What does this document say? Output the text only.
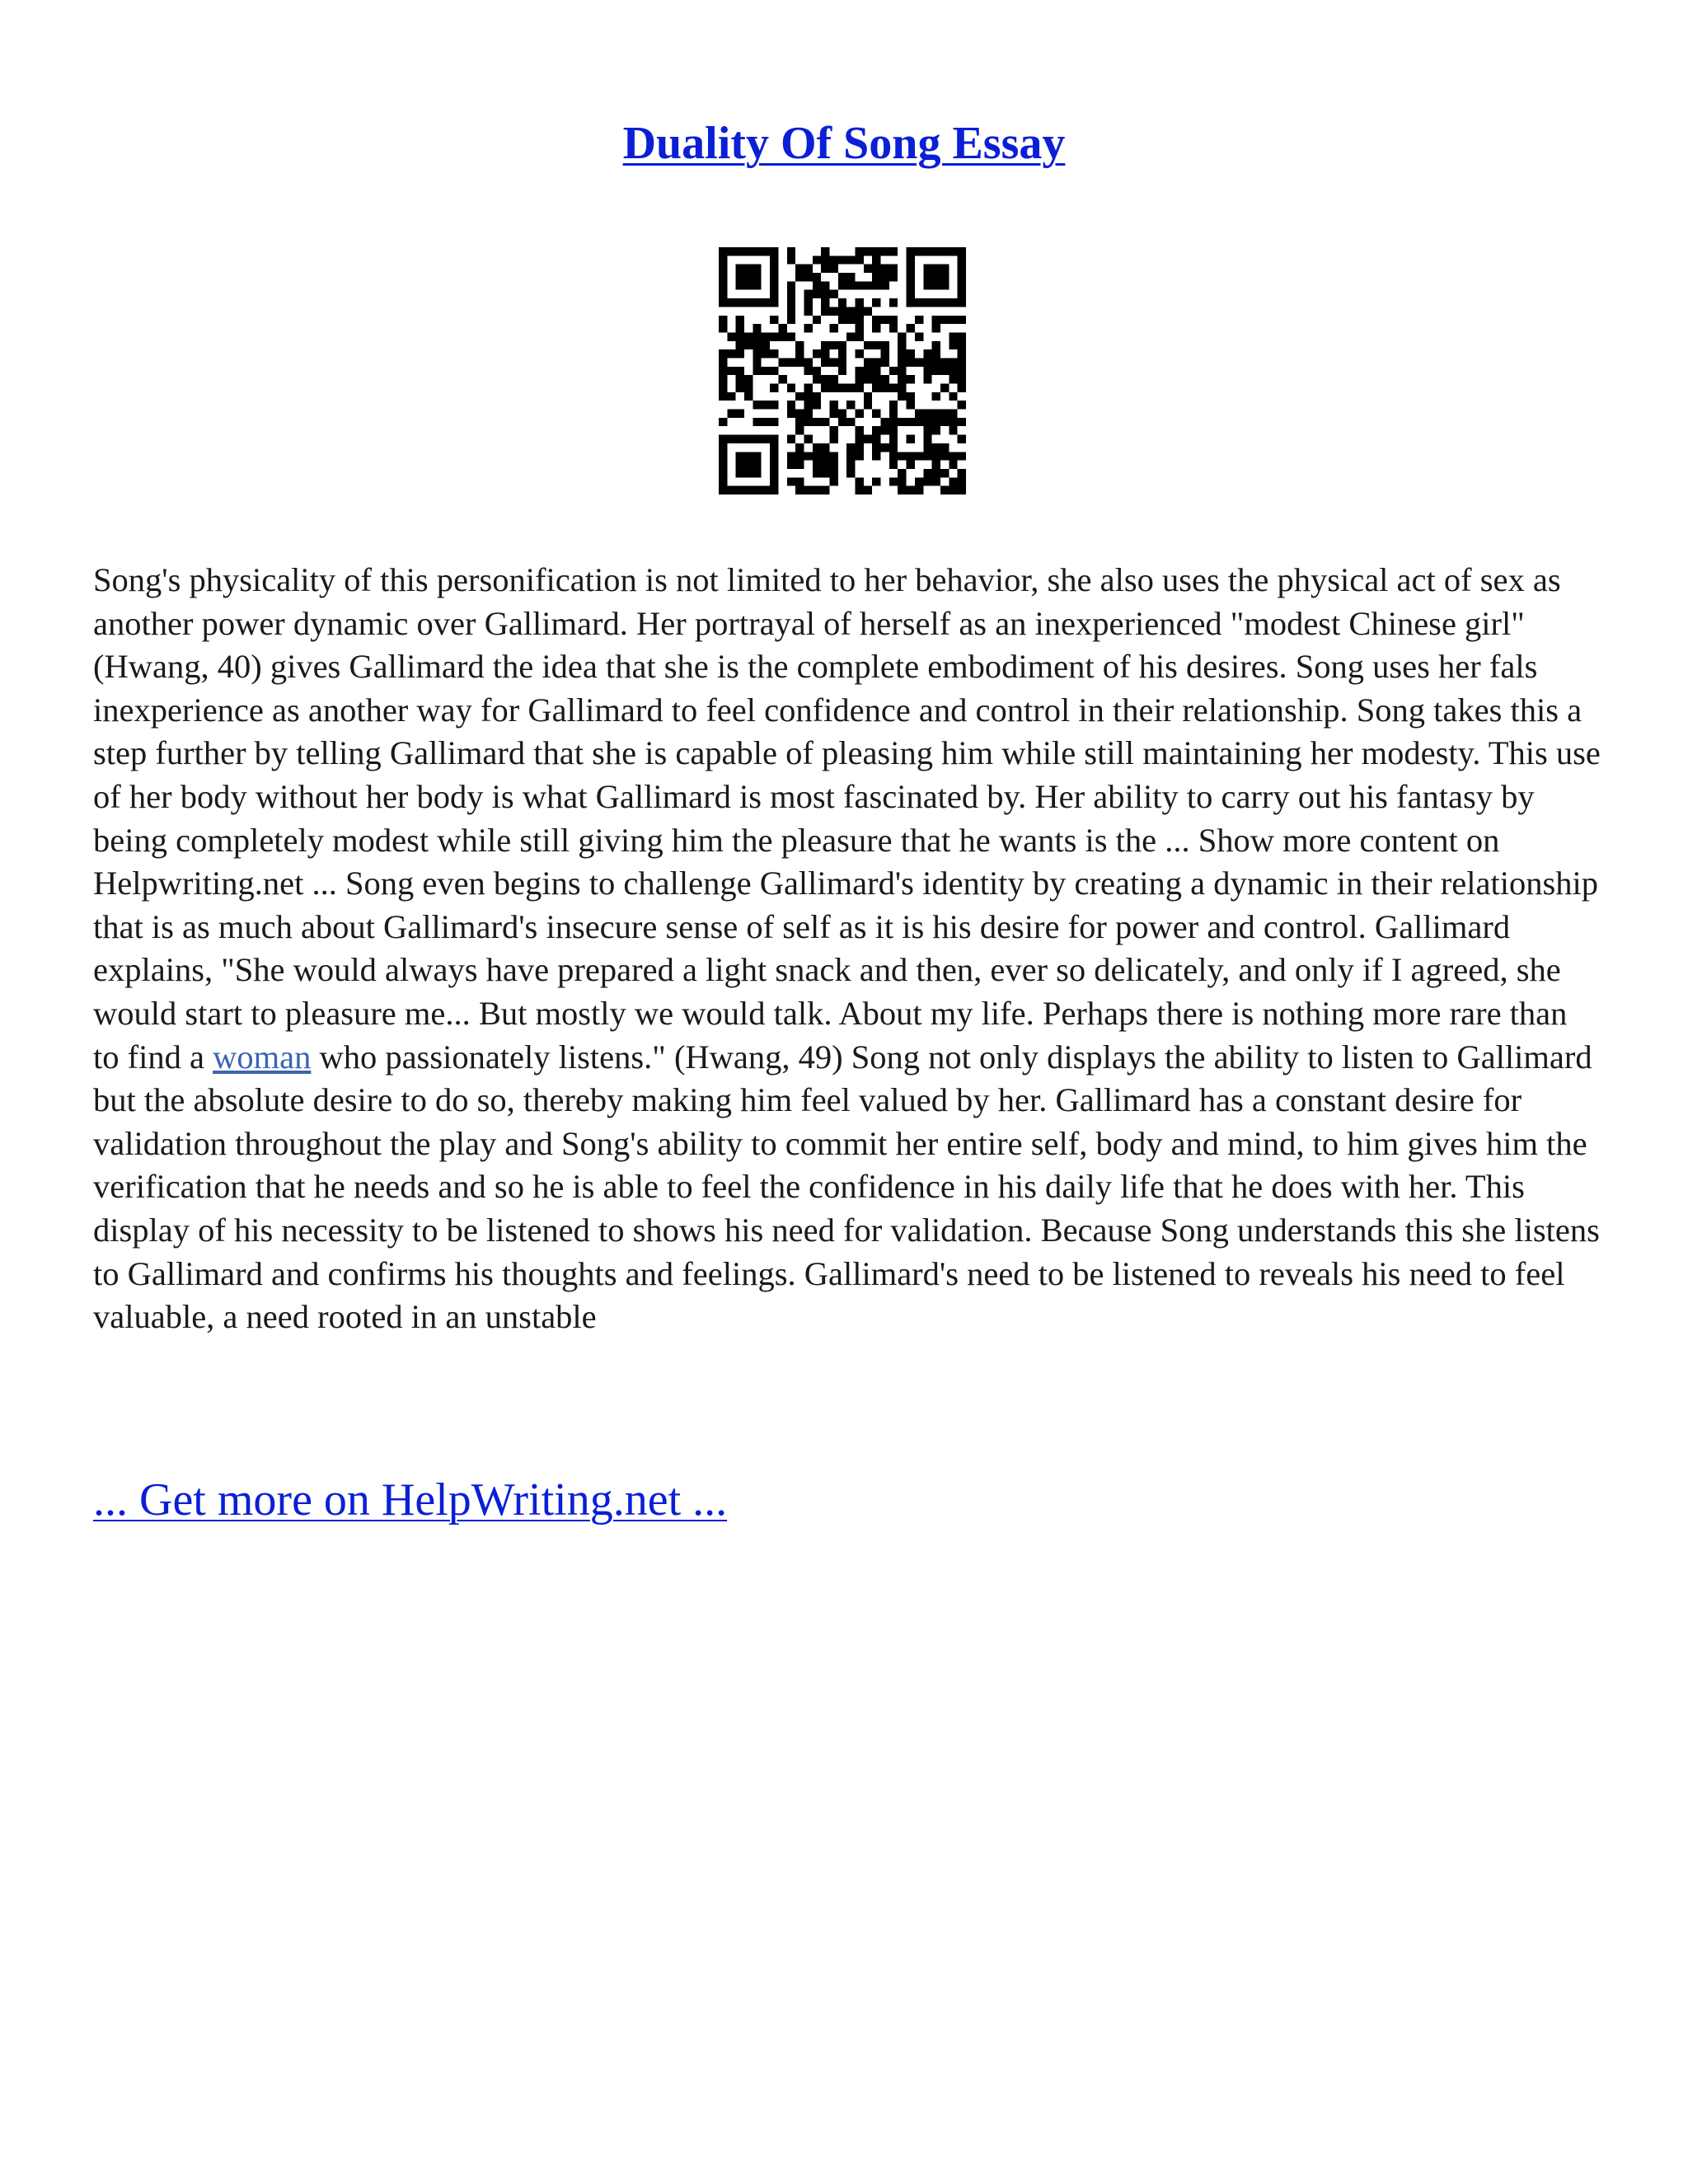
Duality Of Song Essay

Song's physicality of this personification is not limited to her behavior, she also uses the physical act of sex as another power dynamic over Gallimard. Her portrayal of herself as an inexperienced "modest Chinese girl" (Hwang, 40) gives Gallimard the idea that she is the complete embodiment of his desires. Song uses her fals inexperience as another way for Gallimard to feel confidence and control in their relationship. Song takes this a step further by telling Gallimard that she is capable of pleasing him while still maintaining her modesty. This use of her body without her body is what Gallimard is most fascinated by. Her ability to carry out his fantasy by being completely modest while still giving him the pleasure that he wants is the ... Show more content on Helpwriting.net ... Song even begins to challenge Gallimard's identity by creating a dynamic in their relationship that is as much about Gallimard's insecure sense of self as it is his desire for power and control. Gallimard explains, "She would always have prepared a light snack and then, ever so delicately, and only if I agreed, she would start to pleasure me... But mostly we would talk. About my life. Perhaps there is nothing more rare than to find a woman who passionately listens." (Hwang, 49) Song not only displays the ability to listen to Gallimard but the absolute desire to do so, thereby making him feel valued by her. Gallimard has a constant desire for validation throughout the play and Song's ability to commit her entire self, body and mind, to him gives him the verification that he needs and so he is able to feel the confidence in his daily life that he does with her. This display of his necessity to be listened to shows his need for validation. Because Song understands this she listens to Gallimard and confirms his thoughts and feelings. Gallimard's need to be listened to reveals his need to feel valuable, a need rooted in an unstable

... Get more on HelpWriting.net ...
